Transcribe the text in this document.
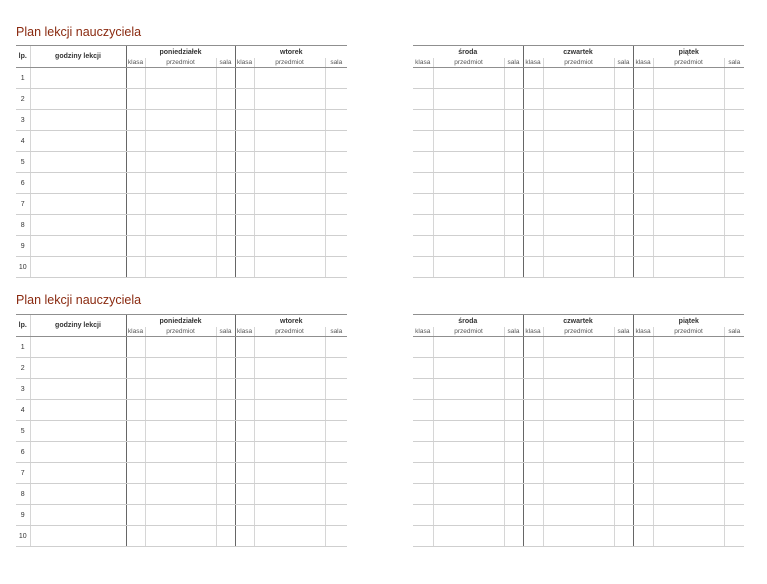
Plan lekcji nauczyciela
Plan lekcji nauczyciela
lp.	godziny lekcji	poniedziałek			wtorek		
		klasa	przedmiot	sala	klasa	przedmiot	sala
1							
2							
3							
4							
5							
6							
7							
8							
9							
10							
środa			czwartek			piątek		
klasa	przedmiot	sala	klasa	przedmiot	sala	klasa	przedmiot	sala

lp.	godziny lekcji	poniedziałek			wtorek		
		klasa	przedmiot	sala	klasa	przedmiot	sala
1							
2							
3							
4							
5							
6							
7							
8							
9							
10							
środa			czwartek			piątek		
klasa	przedmiot	sala	klasa	przedmiot	sala	klasa	przedmiot	sala
